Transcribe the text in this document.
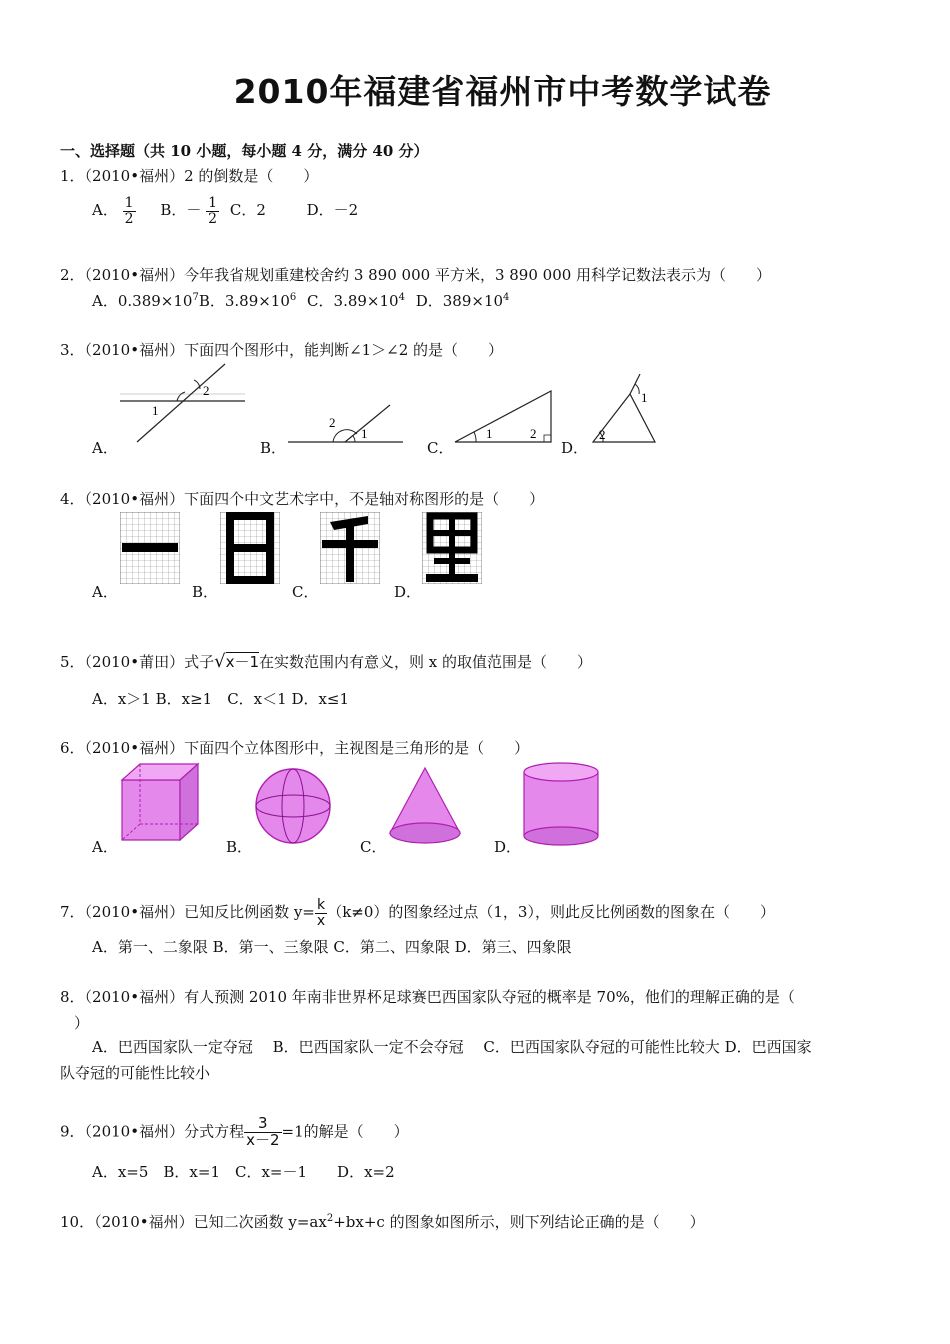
2010年福建省福州市中考数学试卷
一、选择题（共 10 小题，每小题 4 分，满分 40 分）
1．（2010•福州）2 的倒数是（　　）
A． $\frac{1}{2}$ B．－ $\frac{1}{2}$ C．2	D．－2
2．（2010•福州）今年我省规划重建校舍约 3 890 000 平方米，3 890 000 用科学记数法表示为（　　）
A．$0.389\times 10^7B$．$3.89\times 10^6$ C．$3.89\times 10^4$ D．$389\times 10^4$
3．（2010•福州）下面四个图形中，能判断∠1＞∠2 的是（　　）
A．	B．	C．	D．
1
2
2
1	1	2
1
2
4．（2010•福州）下面四个中文艺术字中，不是轴对称图形的是（　　）
A．	B．	C．	D．
5．（2010•莆田）式子√x－1在实数范围内有意义，则 x 的取值范围是（　　）
A．x＞1 B．x≥1　C．x＜1 D．x≤1
6．（2010•福州）下面四个立体图形中，主视图是三角形的是（　　）
A．	B．	C．	D．
7．（2010•福州）已知反比例函数 $y= \frac{k}{x} (k\ne 0)$的图象经过点（1，3），则此反比例函数的图象在（　　）
A．第一、二象限 B．第一、三象限 C．第二、四象限 D．第三、四象限
8．（2010•福州）有人预测 2010 年南非世界杯足球赛巴西国家队夺冠的概率是 70%，他们的理解正确的是（
）
A．巴西国家队一定夺冠　 B．巴西国家队一定不会夺冠　 C．巴西国家队夺冠的可能性比较大 D．巴西国家
队夺冠的可能性比较小
9．（2010•福州）分式方程 $\frac{3}{x-2} =1$的解是（　　）
A．x=5　B．x=1　C．x=－1　　D．x=2
10．（2010•福州）已知二次函数 $y=ax^2+bx+c$ 的图象如图所示，则下列结论正确的是（　　）
